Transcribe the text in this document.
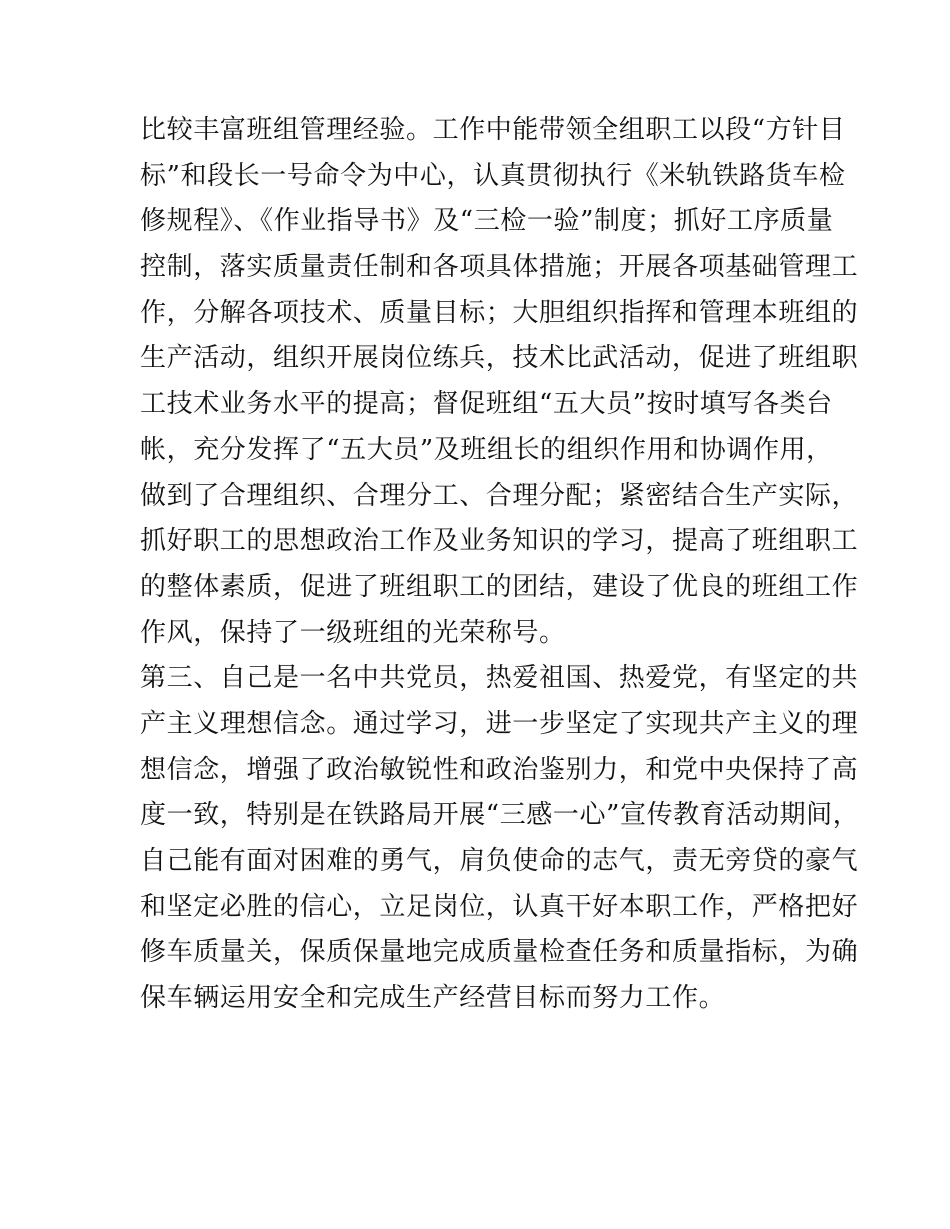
比较丰富班组管理经验。工作中能带领全组职工以段“方针目
标”和段长一号命令为中心，认真贯彻执行《米轨铁路货车检
修规程》、《作业指导书》及“三检一验”制度；抓好工序质量
控制，落实质量责任制和各项具体措施；开展各项基础管理工
作，分解各项技术、质量目标；大胆组织指挥和管理本班组的
生产活动，组织开展岗位练兵，技术比武活动，促进了班组职
工技术业务水平的提高；督促班组“五大员”按时填写各类台
帐，充分发挥了“五大员”及班组长的组织作用和协调作用，
做到了合理组织、合理分工、合理分配；紧密结合生产实际，
抓好职工的思想政治工作及业务知识的学习，提高了班组职工
的整体素质，促进了班组职工的团结，建设了优良的班组工作
作风，保持了一级班组的光荣称号。
第三、自己是一名中共党员，热爱祖国、热爱党，有坚定的共
产主义理想信念。通过学习，进一步坚定了实现共产主义的理
想信念，增强了政治敏锐性和政治鉴别力，和党中央保持了高
度一致，特别是在铁路局开展“三感一心”宣传教育活动期间，
自己能有面对困难的勇气，肩负使命的志气，责无旁贷的豪气
和坚定必胜的信心，立足岗位，认真干好本职工作，严格把好
修车质量关，保质保量地完成质量检查任务和质量指标，为确
保车辆运用安全和完成生产经营目标而努力工作。
